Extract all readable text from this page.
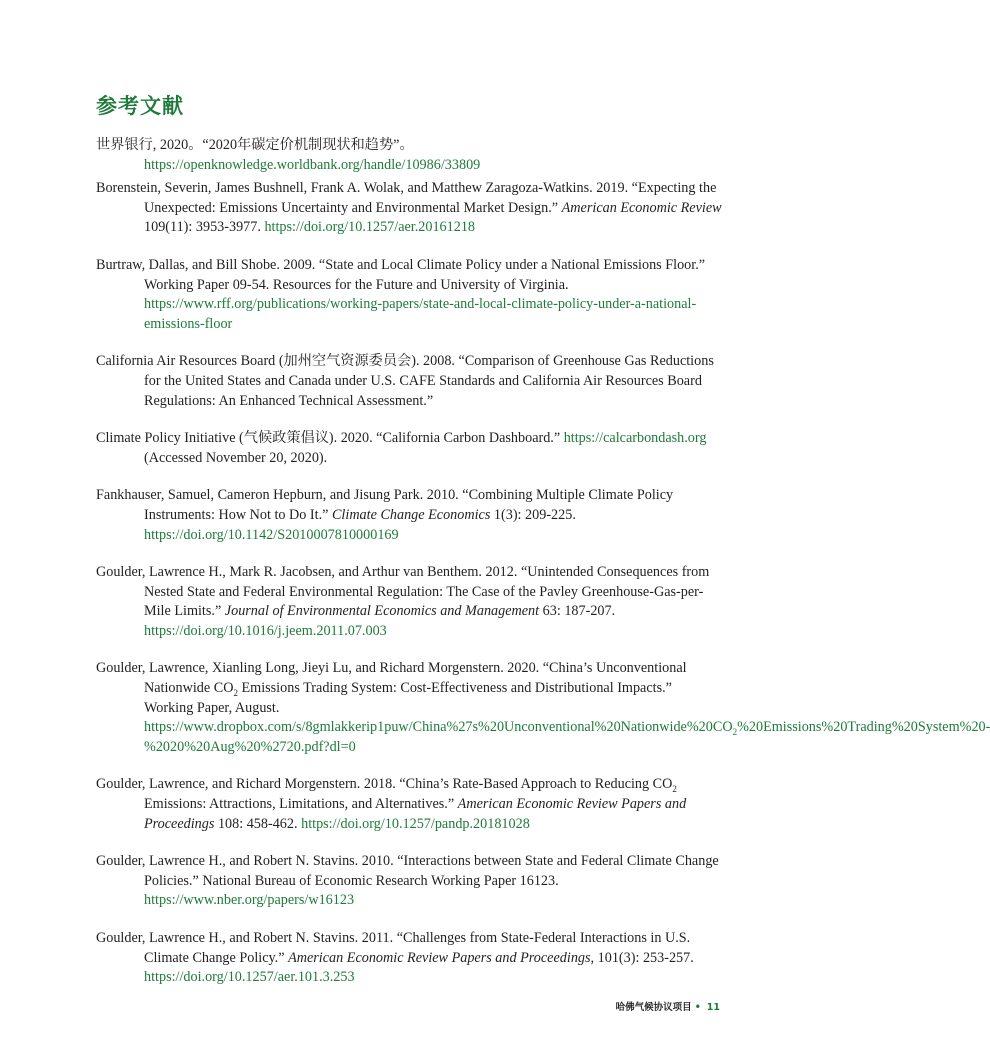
参考文献

世界银行, 2020。“2020年碳定价机制现状和趋势”。
https://openknowledge.worldbank.org/handle/10986/33809

Borenstein, Severin, James Bushnell, Frank A. Wolak, and Matthew Zaragoza-Watkins. 2019. “Expecting the Unexpected: Emissions Uncertainty and Environmental Market Design.” American Economic Review 109(11): 3953-3977. https://doi.org/10.1257/aer.20161218

Burtraw, Dallas, and Bill Shobe. 2009. “State and Local Climate Policy under a National Emissions Floor.” Working Paper 09-54. Resources for the Future and University of Virginia. https://www.rff.org/publications/working-papers/state-and-local-climate-policy-under-a-national-emissions-floor

California Air Resources Board (加州空气资源委员会). 2008. “Comparison of Greenhouse Gas Reductions for the United States and Canada under U.S. CAFE Standards and California Air Resources Board Regulations: An Enhanced Technical Assessment.”

Climate Policy Initiative (气候政策倡议). 2020. “California Carbon Dashboard.” https://calcarbondash.org (Accessed November 20, 2020).

Fankhauser, Samuel, Cameron Hepburn, and Jisung Park. 2010. “Combining Multiple Climate Policy Instruments: How Not to Do It.” Climate Change Economics 1(3): 209-225. https://doi.org/10.1142/S2010007810000169

Goulder, Lawrence H., Mark R. Jacobsen, and Arthur van Benthem. 2012. “Unintended Consequences from Nested State and Federal Environmental Regulation: The Case of the Pavley Greenhouse-Gas-per-Mile Limits.” Journal of Environmental Economics and Management 63: 187-207. https://doi.org/10.1016/j.jeem.2011.07.003

Goulder, Lawrence, Xianling Long, Jieyi Lu, and Richard Morgenstern. 2020. “China’s Unconventional Nationwide $CO_2$ Emissions Trading System: Cost-Effectiveness and Distributional Impacts.” Working Paper, August. $https://www.dropbox.com/s/8gmlakkerip1puw/China\%27s\%20Unconventional\%20Nationwide\%20CO_2\%20Emissions\%20Trading\%20System\%2$0-%2020%20Aug%20%2720.pdf?dl=0

Goulder, Lawrence, and Richard Morgenstern. 2018. “China’s Rate-Based Approach to Reducing $CO_2$ Emissions: Attractions, Limitations, and Alternatives.” American Economic Review Papers and Proceedings 108: 458-462. https://doi.org/10.1257/pandp.20181028

Goulder, Lawrence H., and Robert N. Stavins. 2010. “Interactions between State and Federal Climate Change Policies.” National Bureau of Economic Research Working Paper 16123. https://www.nber.org/papers/w16123

Goulder, Lawrence H., and Robert N. Stavins. 2011. “Challenges from State-Federal Interactions in U.S. Climate Change Policy.” American Economic Review Papers and Proceedings, 101(3): 253-257. https://doi.org/10.1257/aer.101.3.253

哈佛气候协议项目 • 11
